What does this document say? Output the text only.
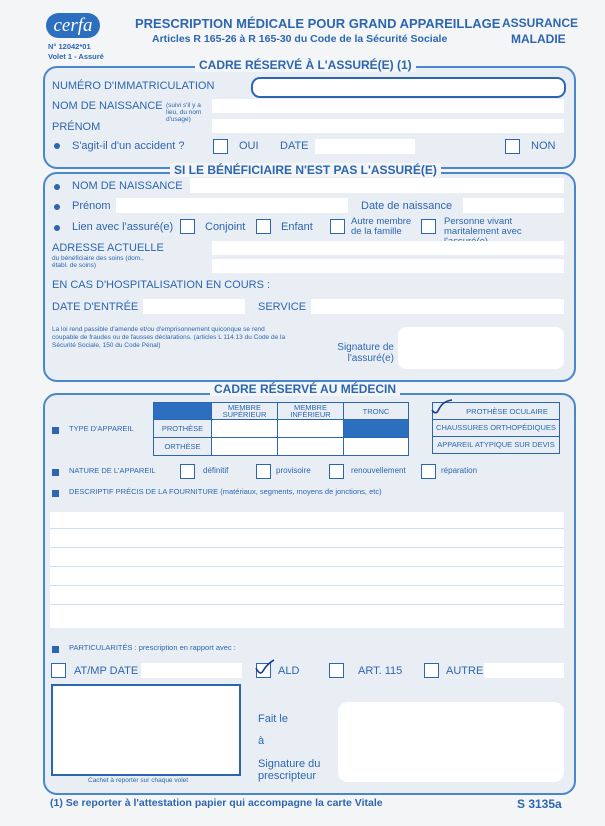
cerfa
N° 12042*01
Volet 1 - Assuré
PRESCRIPTION MÉDICALE POUR GRAND APPAREILLAGE
Articles R 165-26 à R 165-30 du Code de la Sécurité Sociale
ASSURANCE
MALADIE
CADRE RÉSERVÉ À L'ASSURÉ(E) (1)
NUMÉRO D'IMMATRICULATION
NOM DE NAISSANCE (suivi s'il y a lieu, du nom d'usage)
PRÉNOM
S'agit-il d'un accident ?	OUI DATE	NON
SI LE BÉNÉFICIAIRE N'EST PAS L'ASSURÉ(E)
NOM DE NAISSANCE
Prénom	Date de naissance
Lien avec l'assuré(e)	Conjoint	Enfant	Autre membre de la famille
Personne vivant maritalement avec
ADRESSE ACTUELLE
du bénéficiaire des soins (dom., établ. de soins)
EN CAS D'HOSPITALISATION EN COURS :
DATE D'ENTRÉE	SERVICE
La loi rend passible d'amende et/ou d'emprisonnement quiconque se rend coupable de fraudes ou de fausses déclarations. (articles L 114.13 du Code de la Sécurité Sociale, 150 du Code Pénal)	Signature de l'assuré(e)
CADRE RÉSERVÉ AU MÉDECIN
TYPE D'APPAREIL
	MEMBRE SUPÉRIEUR	MEMBRE INFÉRIEUR	TRONC
PROTHÈSE			
ORTHÈSE			
	PROTHÈSE OCULAIRE
CHAUSSURES ORTHOPÉDIQUES
APPAREIL ATYPIQUE SUR DEVIS
NATURE DE L'APPAREIL	définitif	provisoire	renouvellement	réparation
DESCRIPTIF PRÉCIS DE LA FOURNITURE (matériaux, segments, moyens de jonctions, etc)
PARTICULARITÉS : prescription en rapport avec :
AT/MP DATE	ALD	ART. 115	AUTRE
Cachet à reporter sur chaque volet
Fait le
à
Signature du prescripteur
(1) Se reporter à l'attestation papier qui accompagne la carte Vitale	S 3135a
